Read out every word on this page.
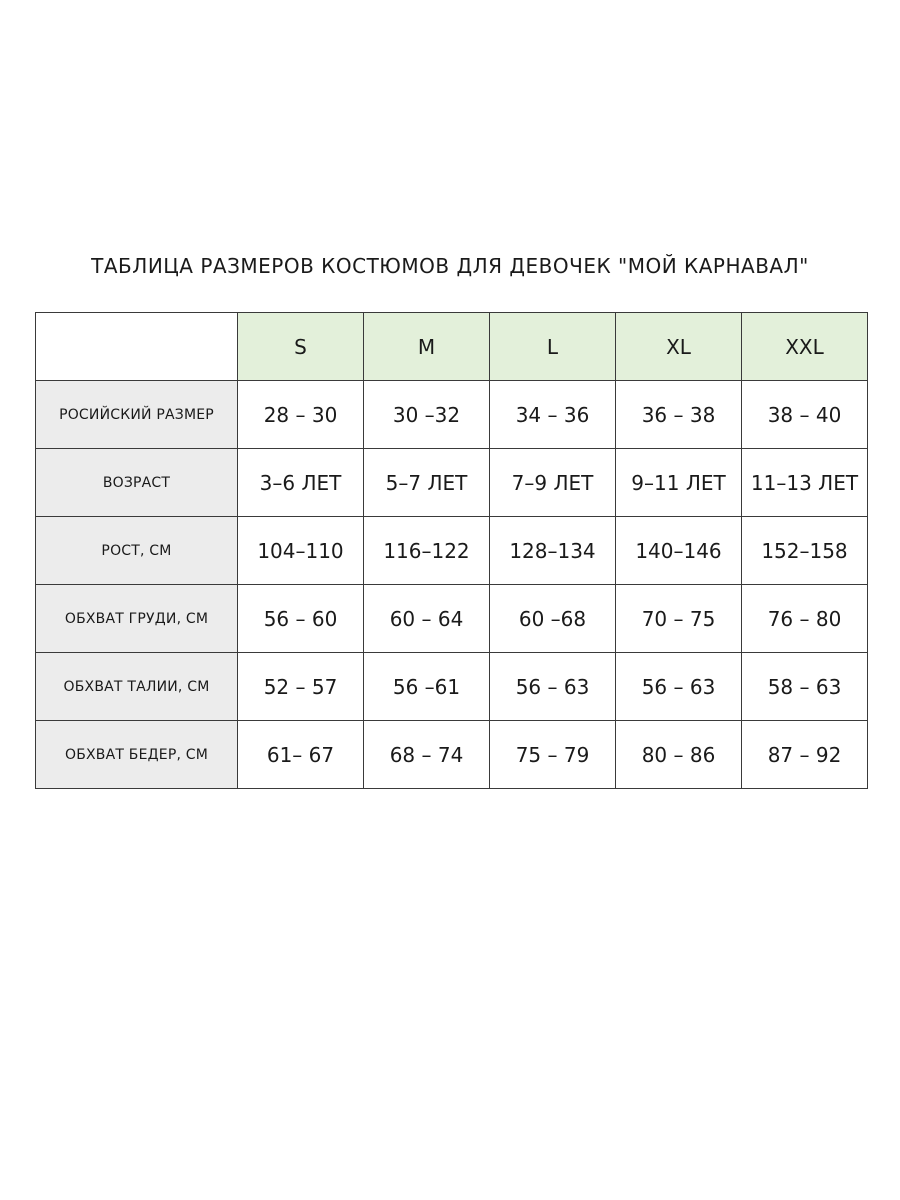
ТАБЛИЦА РАЗМЕРОВ КОСТЮМОВ ДЛЯ ДЕВОЧЕК "МОЙ КАРНАВАЛ"
	S	M	L	XL	XXL
РОСИЙСКИЙ РАЗМЕР	28 – 30	30 –32	34 – 36	36 – 38	38 – 40
ВОЗРАСТ	3–6 ЛЕТ	5–7 ЛЕТ	7–9 ЛЕТ	9–11 ЛЕТ	11–13 ЛЕТ
РОСТ, СМ	104–110	116–122	128–134	140–146	152–158
ОБХВАТ ГРУДИ, СМ	56 – 60	60 – 64	60 –68	70 – 75	76 – 80
ОБХВАТ ТАЛИИ, СМ	52 – 57	56 –61	56 – 63	56 – 63	58 – 63
ОБХВАТ БЕДЕР, СМ	61– 67	68 – 74	75 – 79	80 – 86	87 – 92
